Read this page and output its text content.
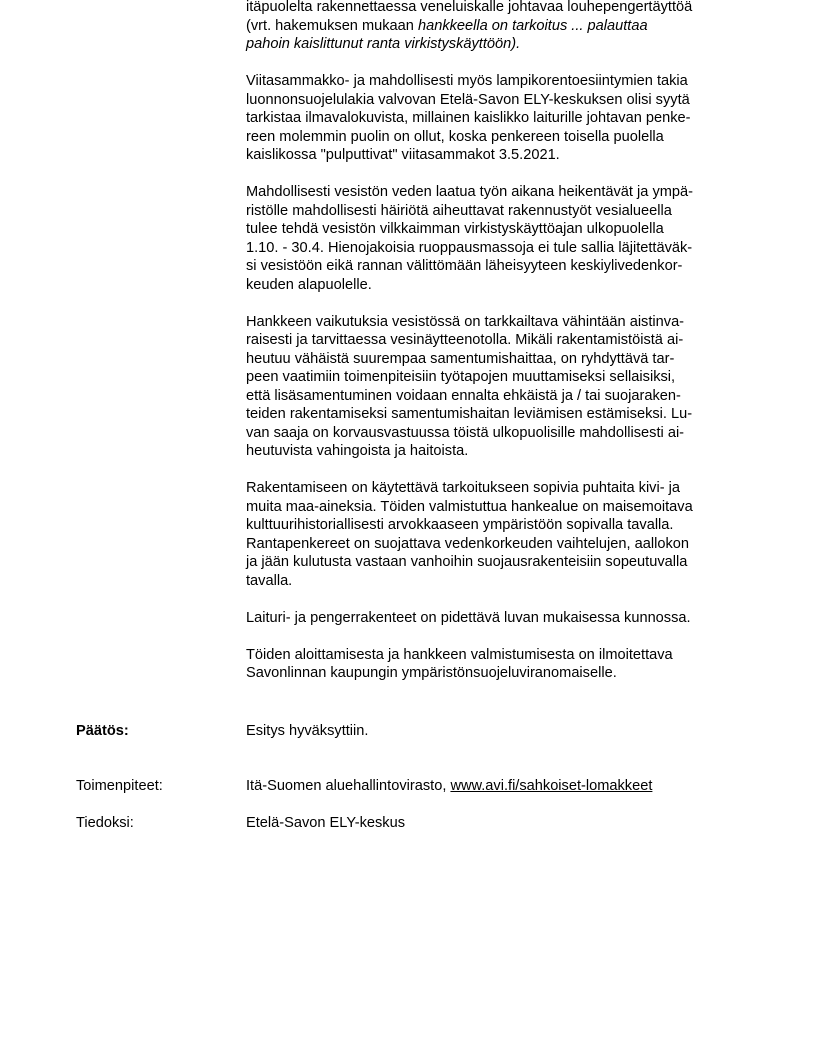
itäpuolelta rakennettaessa veneluiskalle johtavaa louhepengertäyttöä
(vrt. hakemuksen mukaan hankkeella on tarkoitus ... palauttaa
pahoin kaislittunut ranta virkistyskäyttöön).

Viitasammakko- ja mahdollisesti myös lampikorentoesiintymien takia
luonnonsuojelulakia valvovan Etelä-Savon ELY-keskuksen olisi syytä
tarkistaa ilmavalokuvista, millainen kaislikko laiturille johtavan penke-
reen molemmin puolin on ollut, koska penkereen toisella puolella
kaislikossa "pulputtivat" viitasammakot 3.5.2021.

Mahdollisesti vesistön veden laatua työn aikana heikentävät ja ympä-
ristölle mahdollisesti häiriötä aiheuttavat rakennustyöt vesialueella
tulee tehdä vesistön vilkkaimman virkistyskäyttöajan ulkopuolella
1.10. - 30.4. Hienojakoisia ruoppausmassoja ei tule sallia läjitettäväk-
si vesistöön eikä rannan välittömään läheisyyteen keskiylivedenkor-
keuden alapuolelle.

Hankkeen vaikutuksia vesistössä on tarkkailtava vähintään aistinva-
raisesti ja tarvittaessa vesinäytteenotolla. Mikäli rakentamistöistä ai-
heutuu vähäistä suurempaa samentumishaittaa, on ryhdyttävä tar-
peen vaatimiin toimenpiteisiin työtapojen muuttamiseksi sellaisiksi,
että lisäsamentuminen voidaan ennalta ehkäistä ja / tai suojaraken-
teiden rakentamiseksi samentumishaitan leviämisen estämiseksi. Lu-
van saaja on korvausvastuussa töistä ulkopuolisille mahdollisesti ai-
heutuvista vahingoista ja haitoista.

Rakentamiseen on käytettävä tarkoitukseen sopivia puhtaita kivi- ja
muita maa-aineksia. Töiden valmistuttua hankealue on maisemoitava
kulttuurihistoriallisesti arvokkaaseen ympäristöön sopivalla tavalla.
Rantapenkereet on suojattava vedenkorkeuden vaihtelujen, aallokon
ja jään kulutusta vastaan vanhoihin suojausrakenteisiin sopeutuvalla
tavalla.

Laituri- ja pengerrakenteet on pidettävä luvan mukaisessa kunnossa.

Töiden aloittamisesta ja hankkeen valmistumisesta on ilmoitettava
Savonlinnan kaupungin ympäristönsuojeluviranomaiselle.

Päätös:	Esitys hyväksyttiin.
Toimenpiteet:	Itä-Suomen aluehallintovirasto, www.avi.fi/sahkoiset-lomakkeet
Tiedoksi:	Etelä-Savon ELY-keskus
